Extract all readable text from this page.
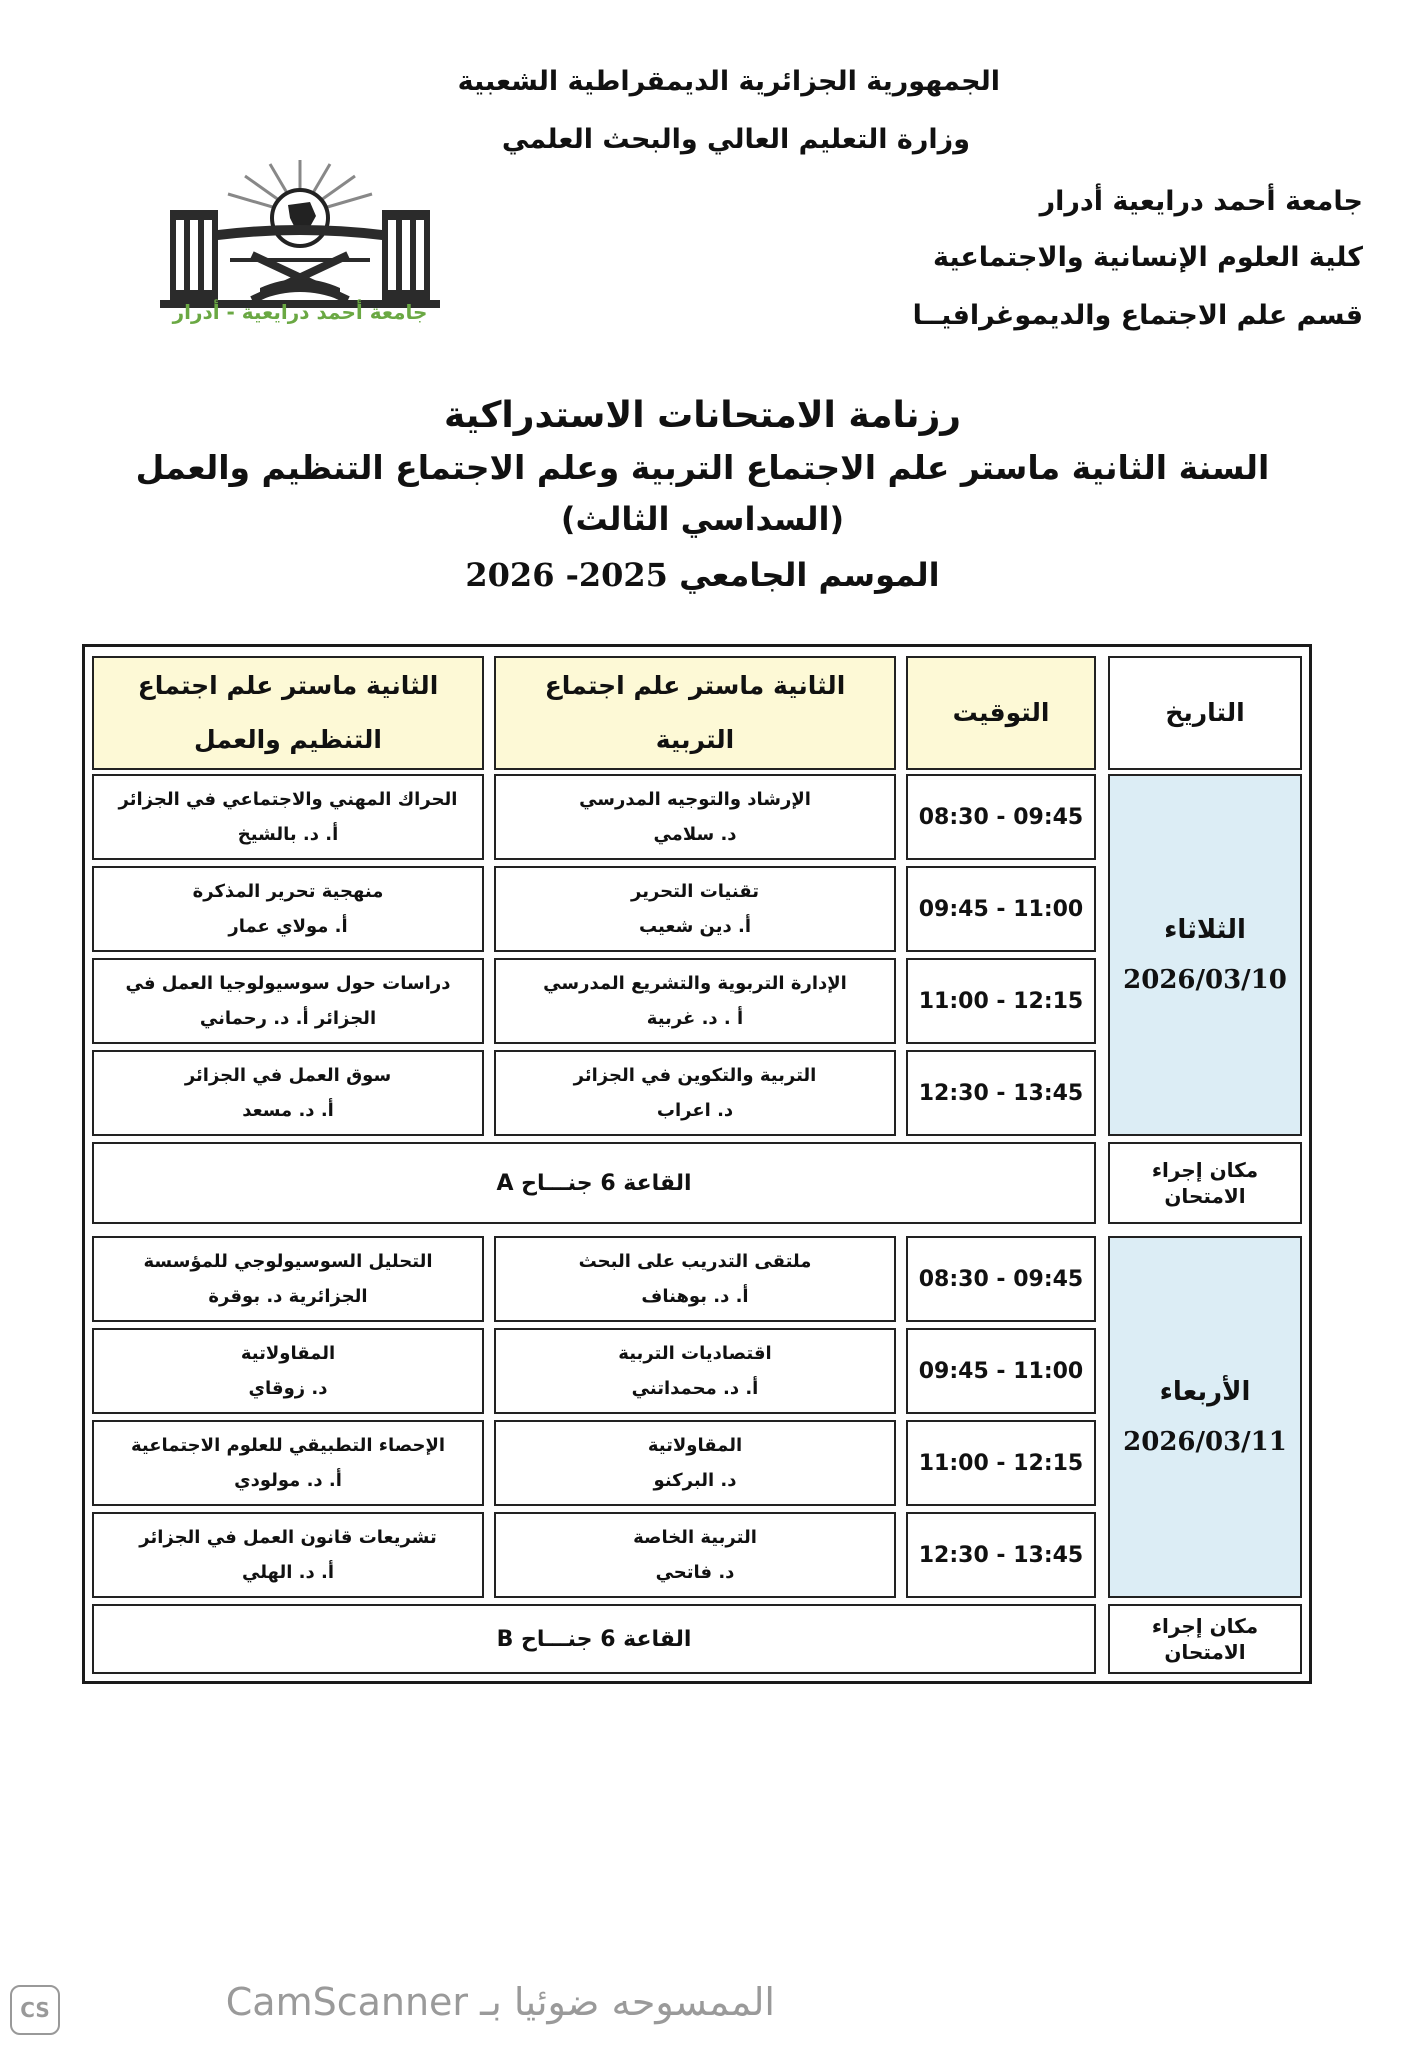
الجمهورية الجزائرية الديمقراطية الشعبية
وزارة التعليم العالي والبحث العلمي
جامعة أحمد درايعية أدرار
كلية العلوم الإنسانية والاجتماعية
قسم علم الاجتماع والديموغرافيــا
جامعة أحمد درايعية - أدرار
رزنامة الامتحانات الاستدراكية
السنة الثانية ماستر علم الاجتماع التربية وعلم الاجتماع التنظيم والعمل
(السداسي الثالث)
الموسم الجامعي 2025- 2026
الثانية ماستر علم اجتماع
التنظيم والعمل
الثانية ماستر علم اجتماع
التربية
التوقيت	التاريخ
الثلاثاء
2026/03/10
08:30 - 09:45
الإرشاد والتوجيه المدرسي
د. سلامي
الحراك المهني والاجتماعي في الجزائر
أ. د. بالشيخ
09:45 - 11:00
تقنيات التحرير
أ. دين شعيب
منهجية تحرير المذكرة
أ. مولاي عمار
11:00 - 12:15
الإدارة التربوية والتشريع المدرسي
أ . د. غربية
دراسات حول سوسيولوجيا العمل في
الجزائر أ. د. رحماني
12:30 - 13:45
التربية والتكوين في الجزائر
د. اعراب
سوق العمل في الجزائر
أ. د. مسعد
مكان إجراء
الامتحان
القاعة 6 جنـــاح A
الأربعاء
2026/03/11
08:30 - 09:45
ملتقى التدريب على البحث
أ. د. بوهناف
التحليل السوسيولوجي للمؤسسة
الجزائرية د. بوقرة
09:45 - 11:00
اقتصاديات التربية
أ. د. محمداتني
المقاولاتية
د. زوقاي
11:00 - 12:15
المقاولاتية
د. البركنو
الإحصاء التطبيقي للعلوم الاجتماعية
أ. د. مولودي
12:30 - 13:45
التربية الخاصة
د. فاتحي
تشريعات قانون العمل في الجزائر
أ. د. الهلي
مكان إجراء
الامتحان
القاعة 6 جنـــاح B
CS	الممسوحه ضوئيا بـ CamScanner
